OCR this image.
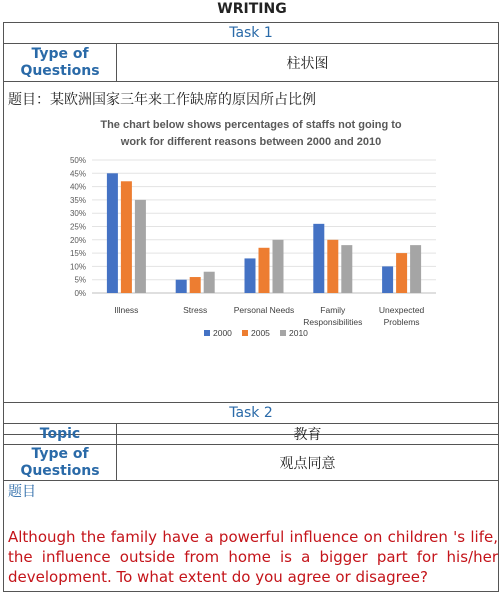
WRITING
Task 1
Type of Questions	柱状图

题目：某欧洲国家三年来工作缺席的原因所占比例
The chart below shows percentages of staffs not going to
work for different reasons between 2000 and 2010
0%
5%
10%
15%
20%
25%
30%
35%
40%
45%
50%
Illness	Stress	Personal Needs	Family
Responsibilities
Unexpected
Problems
2000 2005 2010
Task 2	
Topic	教育
Type of Questions	观点同意

题目
Although the family have a powerful influence on children 's life, the influence outside from home is a bigger part for his/her development. To what extent do you agree or disagree?	
